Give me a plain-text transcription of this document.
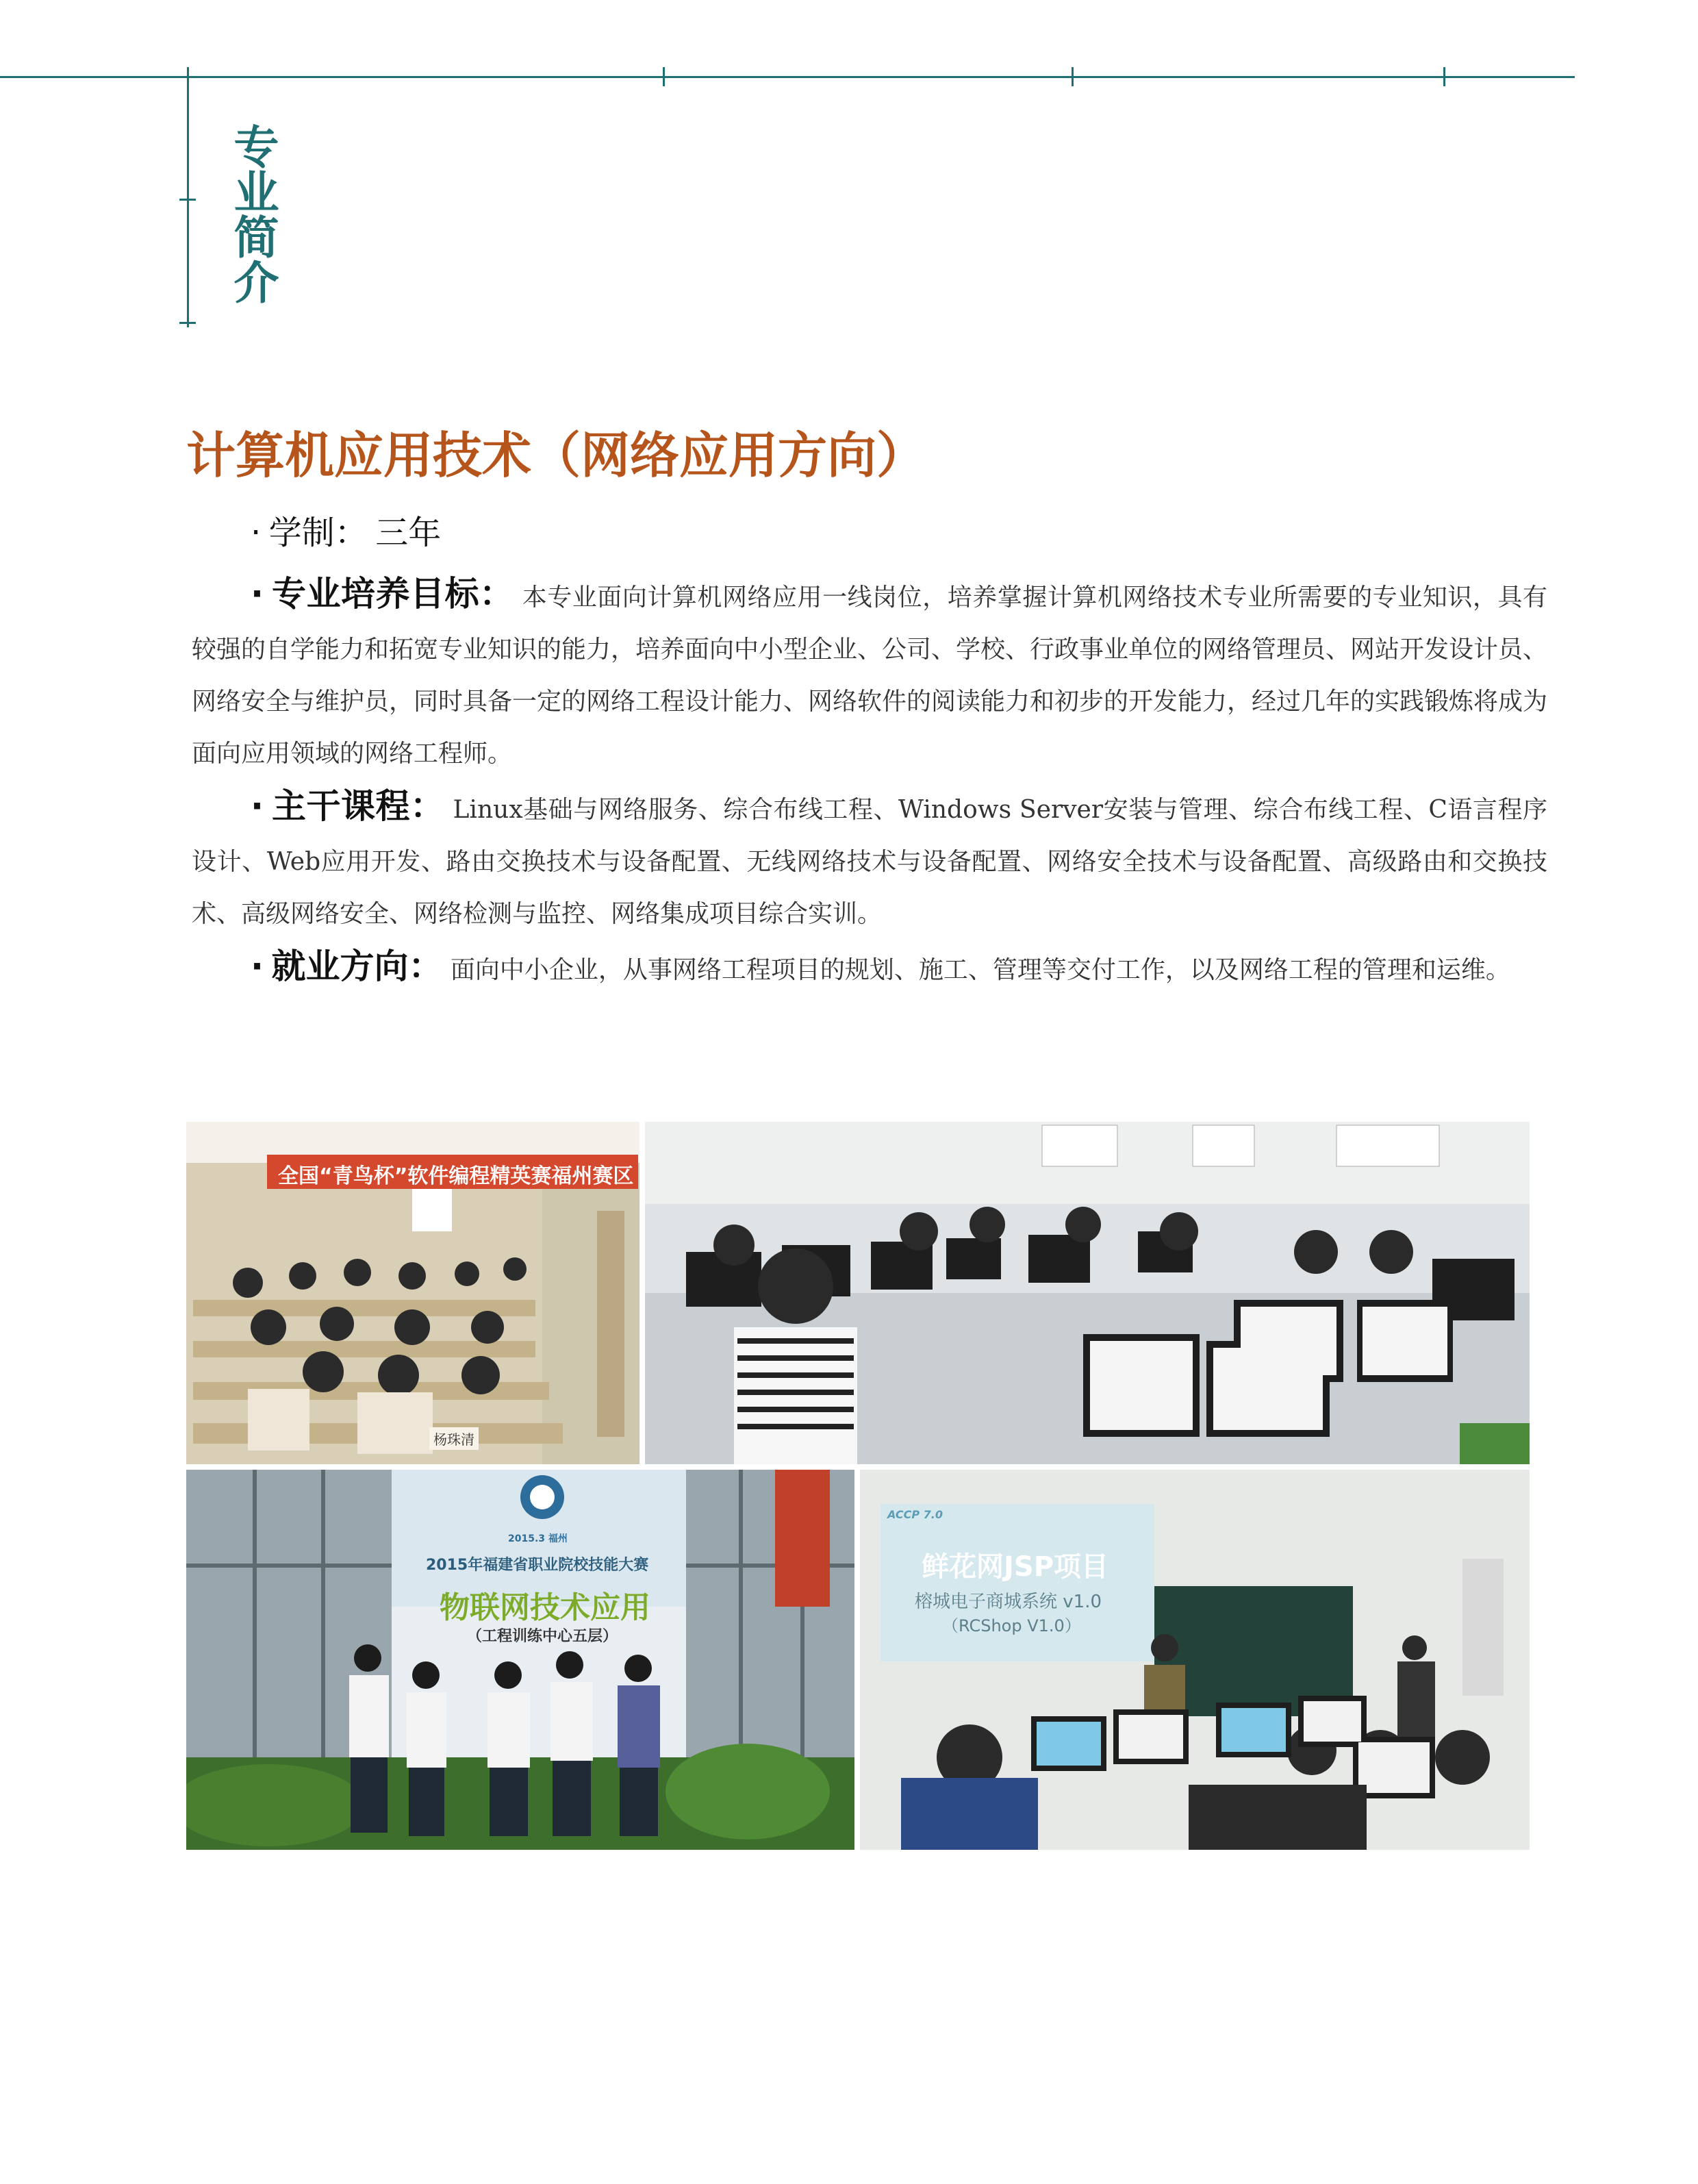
专业简介
计算机应用技术（网络应用方向）

· 学制： 三年

· 专业培养目标： 本专业面向计算机网络应用一线岗位，培养掌握计算机网络技术专业所需要的专业知识，具有较强的自学能力和拓宽专业知识的能力，培养面向中小型企业、公司、学校、行政事业单位的网络管理员、网站开发设计员、网络安全与维护员，同时具备一定的网络工程设计能力、网络软件的阅读能力和初步的开发能力，经过几年的实践锻炼将成为面向应用领域的网络工程师。

· 主干课程： Linux基础与网络服务、综合布线工程、Windows Server安装与管理、综合布线工程、C语言程序设计、Web应用开发、路由交换技术与设备配置、无线网络技术与设备配置、网络安全技术与设备配置、高级路由和交换技术、高级网络安全、网络检测与监控、网络集成项目综合实训。

· 就业方向： 面向中小企业，从事网络工程项目的规划、施工、管理等交付工作，以及网络工程的管理和运维。

全国“青鸟杯”软件编程精英赛福州赛区
杨珠清
2015.3 福州
2015年福建省职业院校技能大赛
物联网技术应用
（工程训练中心五层）
ACCP 7.0
鲜花网JSP项目
榕城电子商城系统 v1.0
（RCShop V1.0）
